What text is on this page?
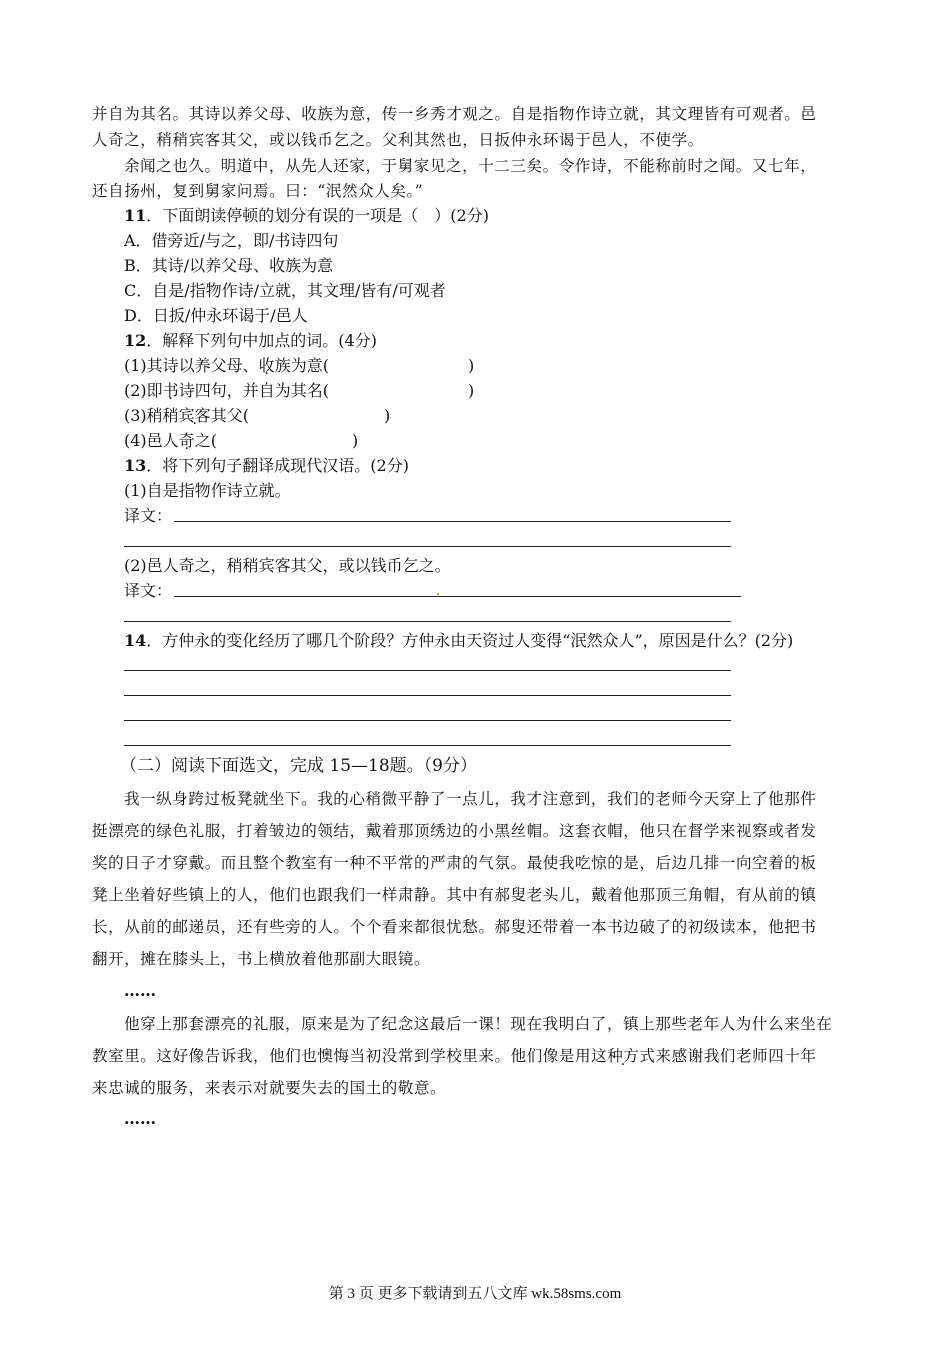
并自为其名。其诗以养父母、收族为意，传一乡秀才观之。自是指物作诗立就，其文理皆有可观者。邑
人奇之，稍稍宾客其父，或以钱币乞之。父利其然也，日扳仲永环谒于邑人，不使学。
余闻之也久。明道中，从先人还家，于舅家见之，十二三矣。令作诗，不能称前时之闻。又七年，
还自扬州，复到舅家问焉。曰：“泯然众人矣。”
11．下面朗读停顿的划分有误的一项是（　）(2分)
A．借旁近/与之，即/书诗四句
B．其诗/以养父母、收族为意
C．自是/指物作诗/立就，其文理/皆有/可观者
D．日扳/仲永环谒于/邑人
12．解释下列句中加点的词。(4分)
(1)其诗以养父母、收族为意(	)
(2)即书诗四句，并自为其名(	)
(3)稍稍宾客其父(	)
(4)邑人奇之(	)
13．将下列句子翻译成现代汉语。(2分)
(1)自是指物作诗立就。
译文：
(2)邑人奇之，稍稍宾客其父，或以钱币乞之。
译文：
14．方仲永的变化经历了哪几个阶段？方仲永由天资过人变得“泯然众人”，原因是什么？(2分)
（二）阅读下面选文，完成 15—18题。（9分）
我一纵身跨过板凳就坐下。我的心稍微平静了一点儿，我才注意到，我们的老师今天穿上了他那件
挺漂亮的绿色礼服，打着皱边的领结，戴着那顶绣边的小黑丝帽。这套衣帽，他只在督学来视察或者发
奖的日子才穿戴。而且整个教室有一种不平常的严肃的气氛。最使我吃惊的是，后边几排一向空着的板
凳上坐着好些镇上的人，他们也跟我们一样肃静。其中有郝叟老头儿，戴着他那顶三角帽，有从前的镇
长，从前的邮递员，还有些旁的人。个个看来都很忧愁。郝叟还带着一本书边破了的初级读本，他把书
翻开，摊在膝头上，书上横放着他那副大眼镜。
……
他穿上那套漂亮的礼服，原来是为了纪念这最后一课！现在我明白了，镇上那些老年人为什么来坐在
教室里。这好像告诉我，他们也懊悔当初没常到学校里来。他们像是用这种方式来感谢我们老师四十年
来忠诚的服务，来表示对就要失去的国土的敬意。
……
第 3 页 更多下载请到五八文库 wk.58sms.com
